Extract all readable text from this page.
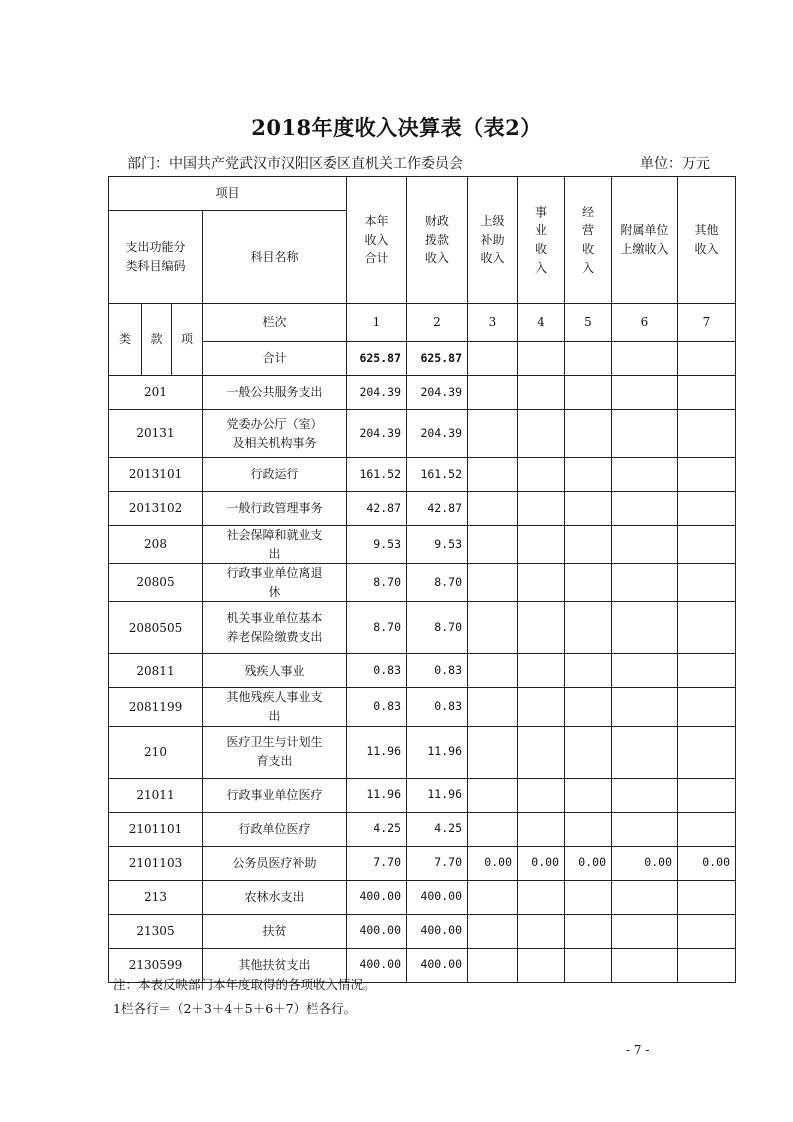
2018年度收入决算表（表2）
部门：中国共产党武汉市汉阳区委区直机关工作委员会	单位：万元
项目				本年收入合计	财政拨款收入	上级补助收入	事业收入	经营收入	附属单位上缴收入	其他收入
支出功能分类科目编码			科目名称							
类	款	项	栏次	1	2	3	4	5	6	7
			合计	625.87	625.87					
201			一般公共服务支出	204.39	204.39					
20131			党委办公厅（室）及相关机构事务	204.39	204.39					
2013101			行政运行	161.52	161.52					
2013102			一般行政管理事务	42.87	42.87					
208			社会保障和就业支出	9.53	9.53					
20805			行政事业单位离退休	8.70	8.70					
2080505			机关事业单位基本养老保险缴费支出	8.70	8.70					
20811			残疾人事业	0.83	0.83					
2081199			其他残疾人事业支出	0.83	0.83					
210			医疗卫生与计划生育支出	11.96	11.96					
21011			行政事业单位医疗	11.96	11.96					
2101101			行政单位医疗	4.25	4.25					
2101103			公务员医疗补助	7.70	7.70	0.00	0.00	0.00	0.00	0.00
213			农林水支出	400.00	400.00					
21305			扶贫	400.00	400.00					
2130599			其他扶贫支出	400.00	400.00					
注：本表反映部门本年度取得的各项收入情况。
1栏各行＝（2＋3＋4＋5＋6＋7）栏各行。
- 7 -
